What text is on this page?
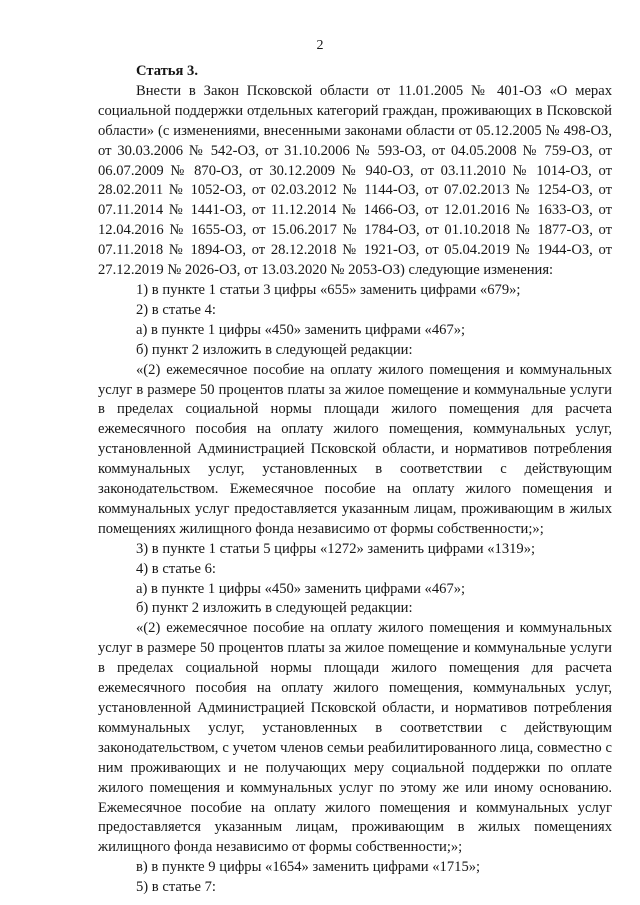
2

Статья 3.

Внести в Закон Псковской области от 11.01.2005 № 401-ОЗ «О мерах социальной поддержки отдельных категорий граждан, проживающих в Псковской области» (с изменениями, внесенными законами области от 05.12.2005 № 498-ОЗ, от 30.03.2006 № 542-ОЗ, от 31.10.2006 № 593-ОЗ, от 04.05.2008 № 759-ОЗ, от 06.07.2009 № 870-ОЗ, от 30.12.2009 № 940-ОЗ, от 03.11.2010 № 1014-ОЗ, от 28.02.2011 № 1052-ОЗ, от 02.03.2012 № 1144-ОЗ, от 07.02.2013 № 1254-ОЗ, от 07.11.2014 № 1441-ОЗ, от 11.12.2014 № 1466-ОЗ, от 12.01.2016 № 1633-ОЗ, от 12.04.2016 № 1655-ОЗ, от 15.06.2017 № 1784-ОЗ, от 01.10.2018 № 1877-ОЗ, от 07.11.2018 № 1894-ОЗ, от 28.12.2018 № 1921-ОЗ, от 05.04.2019 № 1944-ОЗ, от 27.12.2019 № 2026-ОЗ, от 13.03.2020 № 2053-ОЗ) следующие изменения:

1) в пункте 1 статьи 3 цифры «655» заменить цифрами «679»;

2) в статье 4:

а) в пункте 1 цифры «450» заменить цифрами «467»;

б) пункт 2 изложить в следующей редакции:

«(2) ежемесячное пособие на оплату жилого помещения и коммунальных услуг в размере 50 процентов платы за жилое помещение и коммунальные услуги в пределах социальной нормы площади жилого помещения для расчета ежемесячного пособия на оплату жилого помещения, коммунальных услуг, установленной Администрацией Псковской области, и нормативов потребления коммунальных услуг, установленных в соответствии с действующим законодательством. Ежемесячное пособие на оплату жилого помещения и коммунальных услуг предоставляется указанным лицам, проживающим в жилых помещениях жилищного фонда независимо от формы собственности;»;

3) в пункте 1 статьи 5 цифры «1272» заменить цифрами «1319»;

4) в статье 6:

а) в пункте 1 цифры «450» заменить цифрами «467»;

б) пункт 2 изложить в следующей редакции:

«(2) ежемесячное пособие на оплату жилого помещения и коммунальных услуг в размере 50 процентов платы за жилое помещение и коммунальные услуги в пределах социальной нормы площади жилого помещения для расчета ежемесячного пособия на оплату жилого помещения, коммунальных услуг, установленной Администрацией Псковской области, и нормативов потребления коммунальных услуг, установленных в соответствии с действующим законодательством, с учетом членов семьи реабилитированного лица, совместно с ним проживающих и не получающих меру социальной поддержки по оплате жилого помещения и коммунальных услуг по этому же или иному основанию. Ежемесячное пособие на оплату жилого помещения и коммунальных услуг предоставляется указанным лицам, проживающим в жилых помещениях жилищного фонда независимо от формы собственности;»;

в) в пункте 9 цифры «1654» заменить цифрами «1715»;

5) в статье 7:
